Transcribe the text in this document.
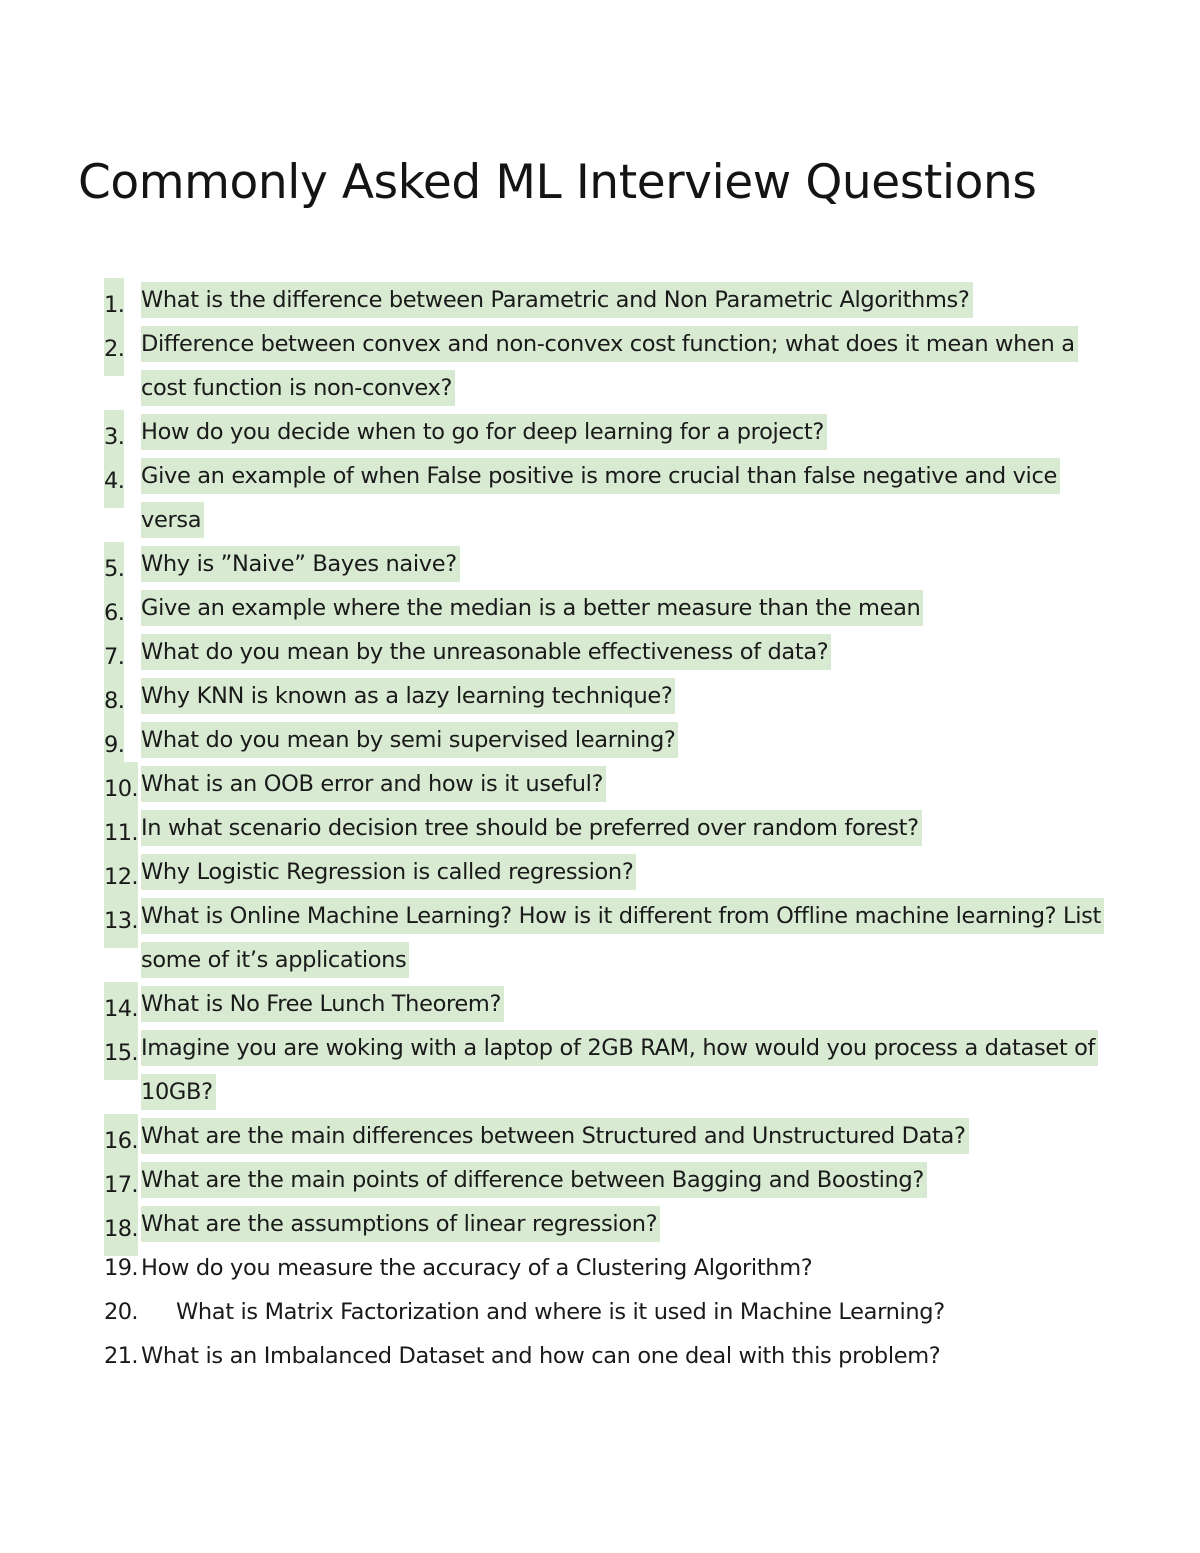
Commonly Asked ML Interview Questions
1. What is the difference between Parametric and Non Parametric Algorithms?
2. Difference between convex and non-convex cost function; what does it mean when a cost function is non-convex?
3. How do you decide when to go for deep learning for a project?
4. Give an example of when False positive is more crucial than false negative and vice versa
5. Why is ”Naive” Bayes naive?
6. Give an example where the median is a better measure than the mean
7. What do you mean by the unreasonable effectiveness of data?
8. Why KNN is known as a lazy learning technique?
9. What do you mean by semi supervised learning?
10. What is an OOB error and how is it useful?
11. In what scenario decision tree should be preferred over random forest?
12. Why Logistic Regression is called regression?
13. What is Online Machine Learning? How is it different from Offline machine learning? List some of it’s applications
14. What is No Free Lunch Theorem?
15. Imagine you are woking with a laptop of 2GB RAM, how would you process a dataset of 10GB?
16. What are the main differences between Structured and Unstructured Data?
17. What are the main points of difference between Bagging and Boosting?
18. What are the assumptions of linear regression?
19. How do you measure the accuracy of a Clustering Algorithm?
20. What is Matrix Factorization and where is it used in Machine Learning?
21. What is an Imbalanced Dataset and how can one deal with this problem?
